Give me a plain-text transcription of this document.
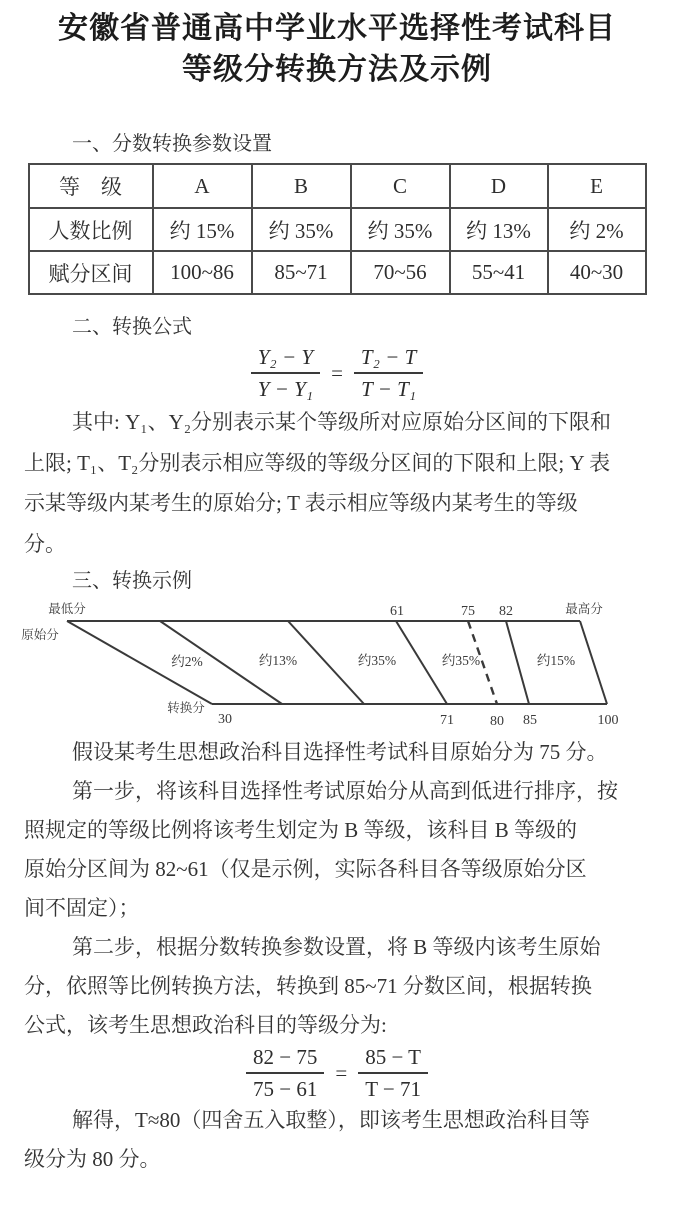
安徽省普通高中学业水平选择性考试科目
等级分转换方法及示例
一、分数转换参数设置
等　级	A	B	C	D	E
人数比例	约 15%	约 35%	约 35%	约 13%	约 2%
赋分区间	100~86	85~71	70~56	55~41	40~30
二、转换公式
$\frac{\text{Y₂ − Y}}{\text{Y − Y₁}} = \frac{\text{T₂ − T}}{\text{T − T₁}}$
其中: Y₁、Y₂分别表示某个等级所对应原始分区间的下限和
上限; T₁、T₂分别表示相应等级的等级分区间的下限和上限; Y 表
示某等级内某考生的原始分; T 表示相应等级内某考生的等级
分。
三、转换示例
最低分	61	75 82	最高分
原始分
约2%	约13%	约35%	约35%	约15%
转换分
30	71	80 85	100
假设某考生思想政治科目选择性考试科目原始分为 75 分。
第一步，将该科目选择性考试原始分从高到低进行排序，按
照规定的等级比例将该考生划定为 B 等级，该科目 B 等级的
原始分区间为 82~61（仅是示例，实际各科目各等级原始分区
间不固定）；
第二步，根据分数转换参数设置，将 B 等级内该考生原始
分，依照等比例转换方法，转换到 85~71 分数区间，根据转换
公式，该考生思想政治科目的等级分为:
$\frac{82 - 75}{75 - 61} = \frac{85 - T}{T - 71}$
解得，T≈80（四舍五入取整），即该考生思想政治科目等
级分为 80 分。
